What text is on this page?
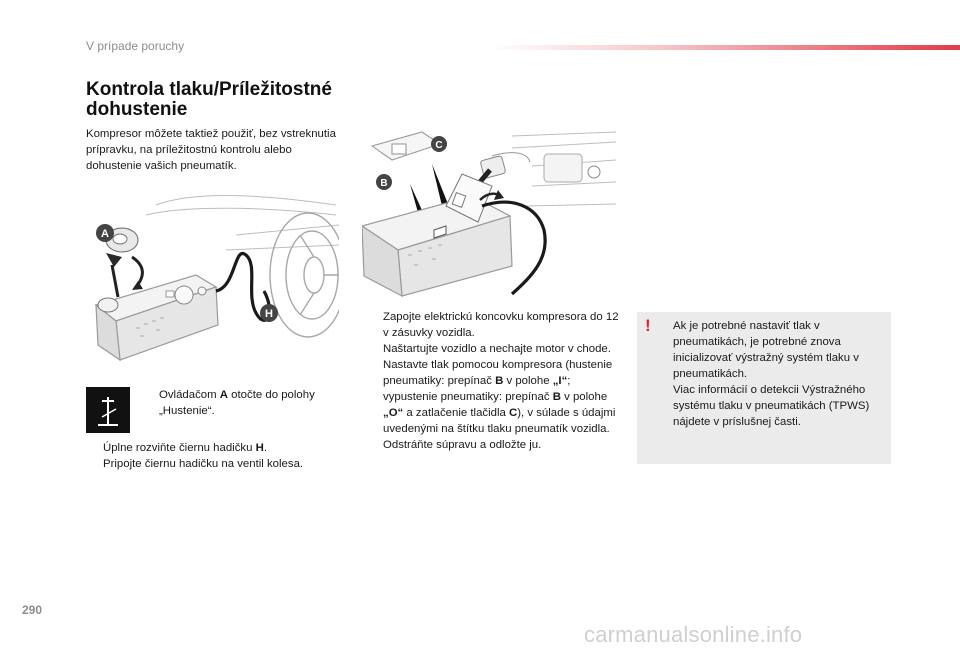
V prípade poruchy
Kontrola tlaku/Príležitostné
dohustenie
Kompresor môžete taktiež použiť, bez vstreknutia prípravku, na príležitostnú kontrolu alebo dohustenie vašich pneumatík.
A
H
C
B
Ovládačom A otočte do polohy „Hustenie“.
Úplne rozviňte čiernu hadičku H.
Pripojte čiernu hadičku na ventil kolesa.
Zapojte elektrickú koncovku kompresora do 12 v zásuvky vozidla.
Naštartujte vozidlo a nechajte motor v chode.
Nastavte tlak pomocou kompresora (hustenie pneumatiky: prepínač B v polohe „I“; vypustenie pneumatiky: prepínač B v polohe „O“ a zatlačenie tlačidla C), v súlade s údajmi uvedenými na štítku tlaku pneumatík vozidla.
Odstráňte súpravu a odložte ju.
! Ak je potrebné nastaviť tlak v pneumatikách, je potrebné znova inicializovať výstražný systém tlaku v pneumatikách.
Viac informácií o detekcii Výstražného systému tlaku v pneumatikách (TPWS) nájdete v príslušnej časti.
290
carmanualsonline.info
